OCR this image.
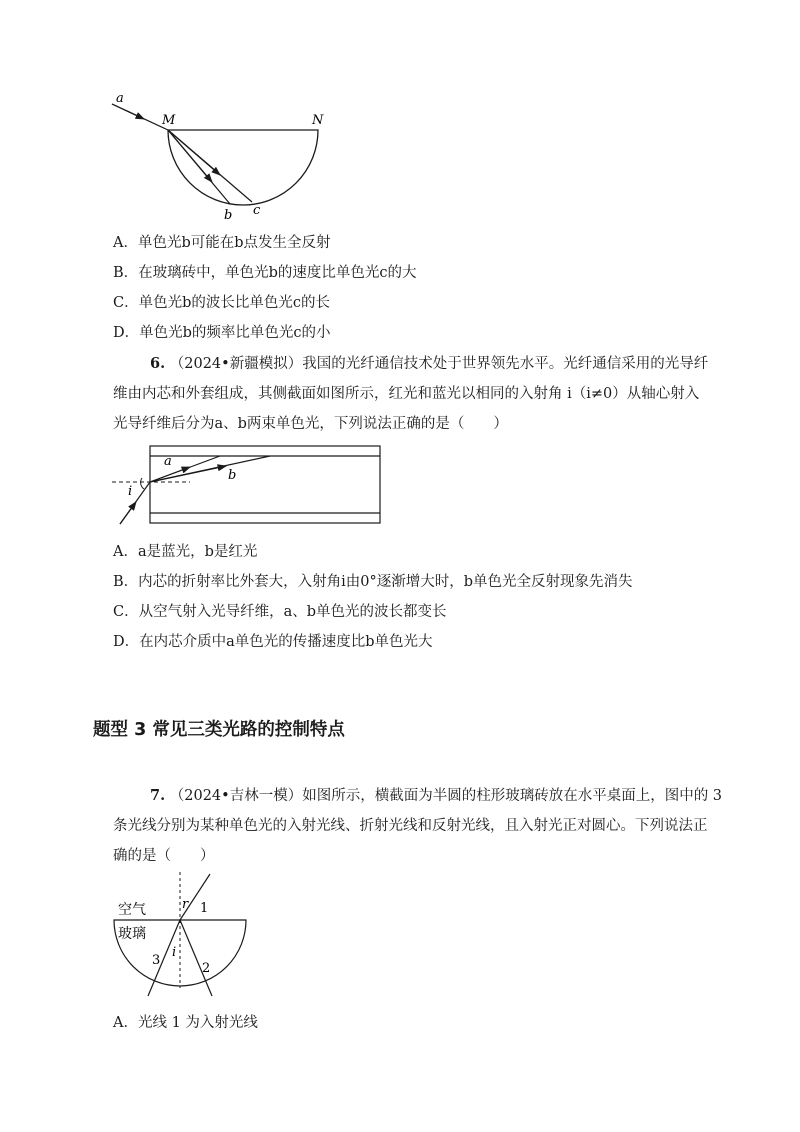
a
M	N
b c
A．单色光b可能在b点发生全反射
B．在玻璃砖中，单色光b的速度比单色光c的大
C．单色光b的波长比单色光c的长
D．单色光b的频率比单色光c的小
6. （2024•新疆模拟）我国的光纤通信技术处于世界领先水平。光纤通信采用的光导纤
维由内芯和外套组成，其侧截面如图所示，红光和蓝光以相同的入射角 i（i≠0）从轴心射入
光导纤维后分为a、b两束单色光，下列说法正确的是（　　）
a
b
i
A．a是蓝光，b是红光
B．内芯的折射率比外套大，入射角i由0°逐渐增大时，b单色光全反射现象先消失
C．从空气射入光导纤维，a、b单色光的波长都变长
D．在内芯介质中a单色光的传播速度比b单色光大
题型 3 常见三类光路的控制特点
7. （2024•吉林一模）如图所示，横截面为半圆的柱形玻璃砖放在水平桌面上，图中的 3
条光线分别为某种单色光的入射光线、折射光线和反射光线，且入射光正对圆心。下列说法正
确的是（　　）
空气
玻璃
r
i
1
2
3
A．光线 1 为入射光线
